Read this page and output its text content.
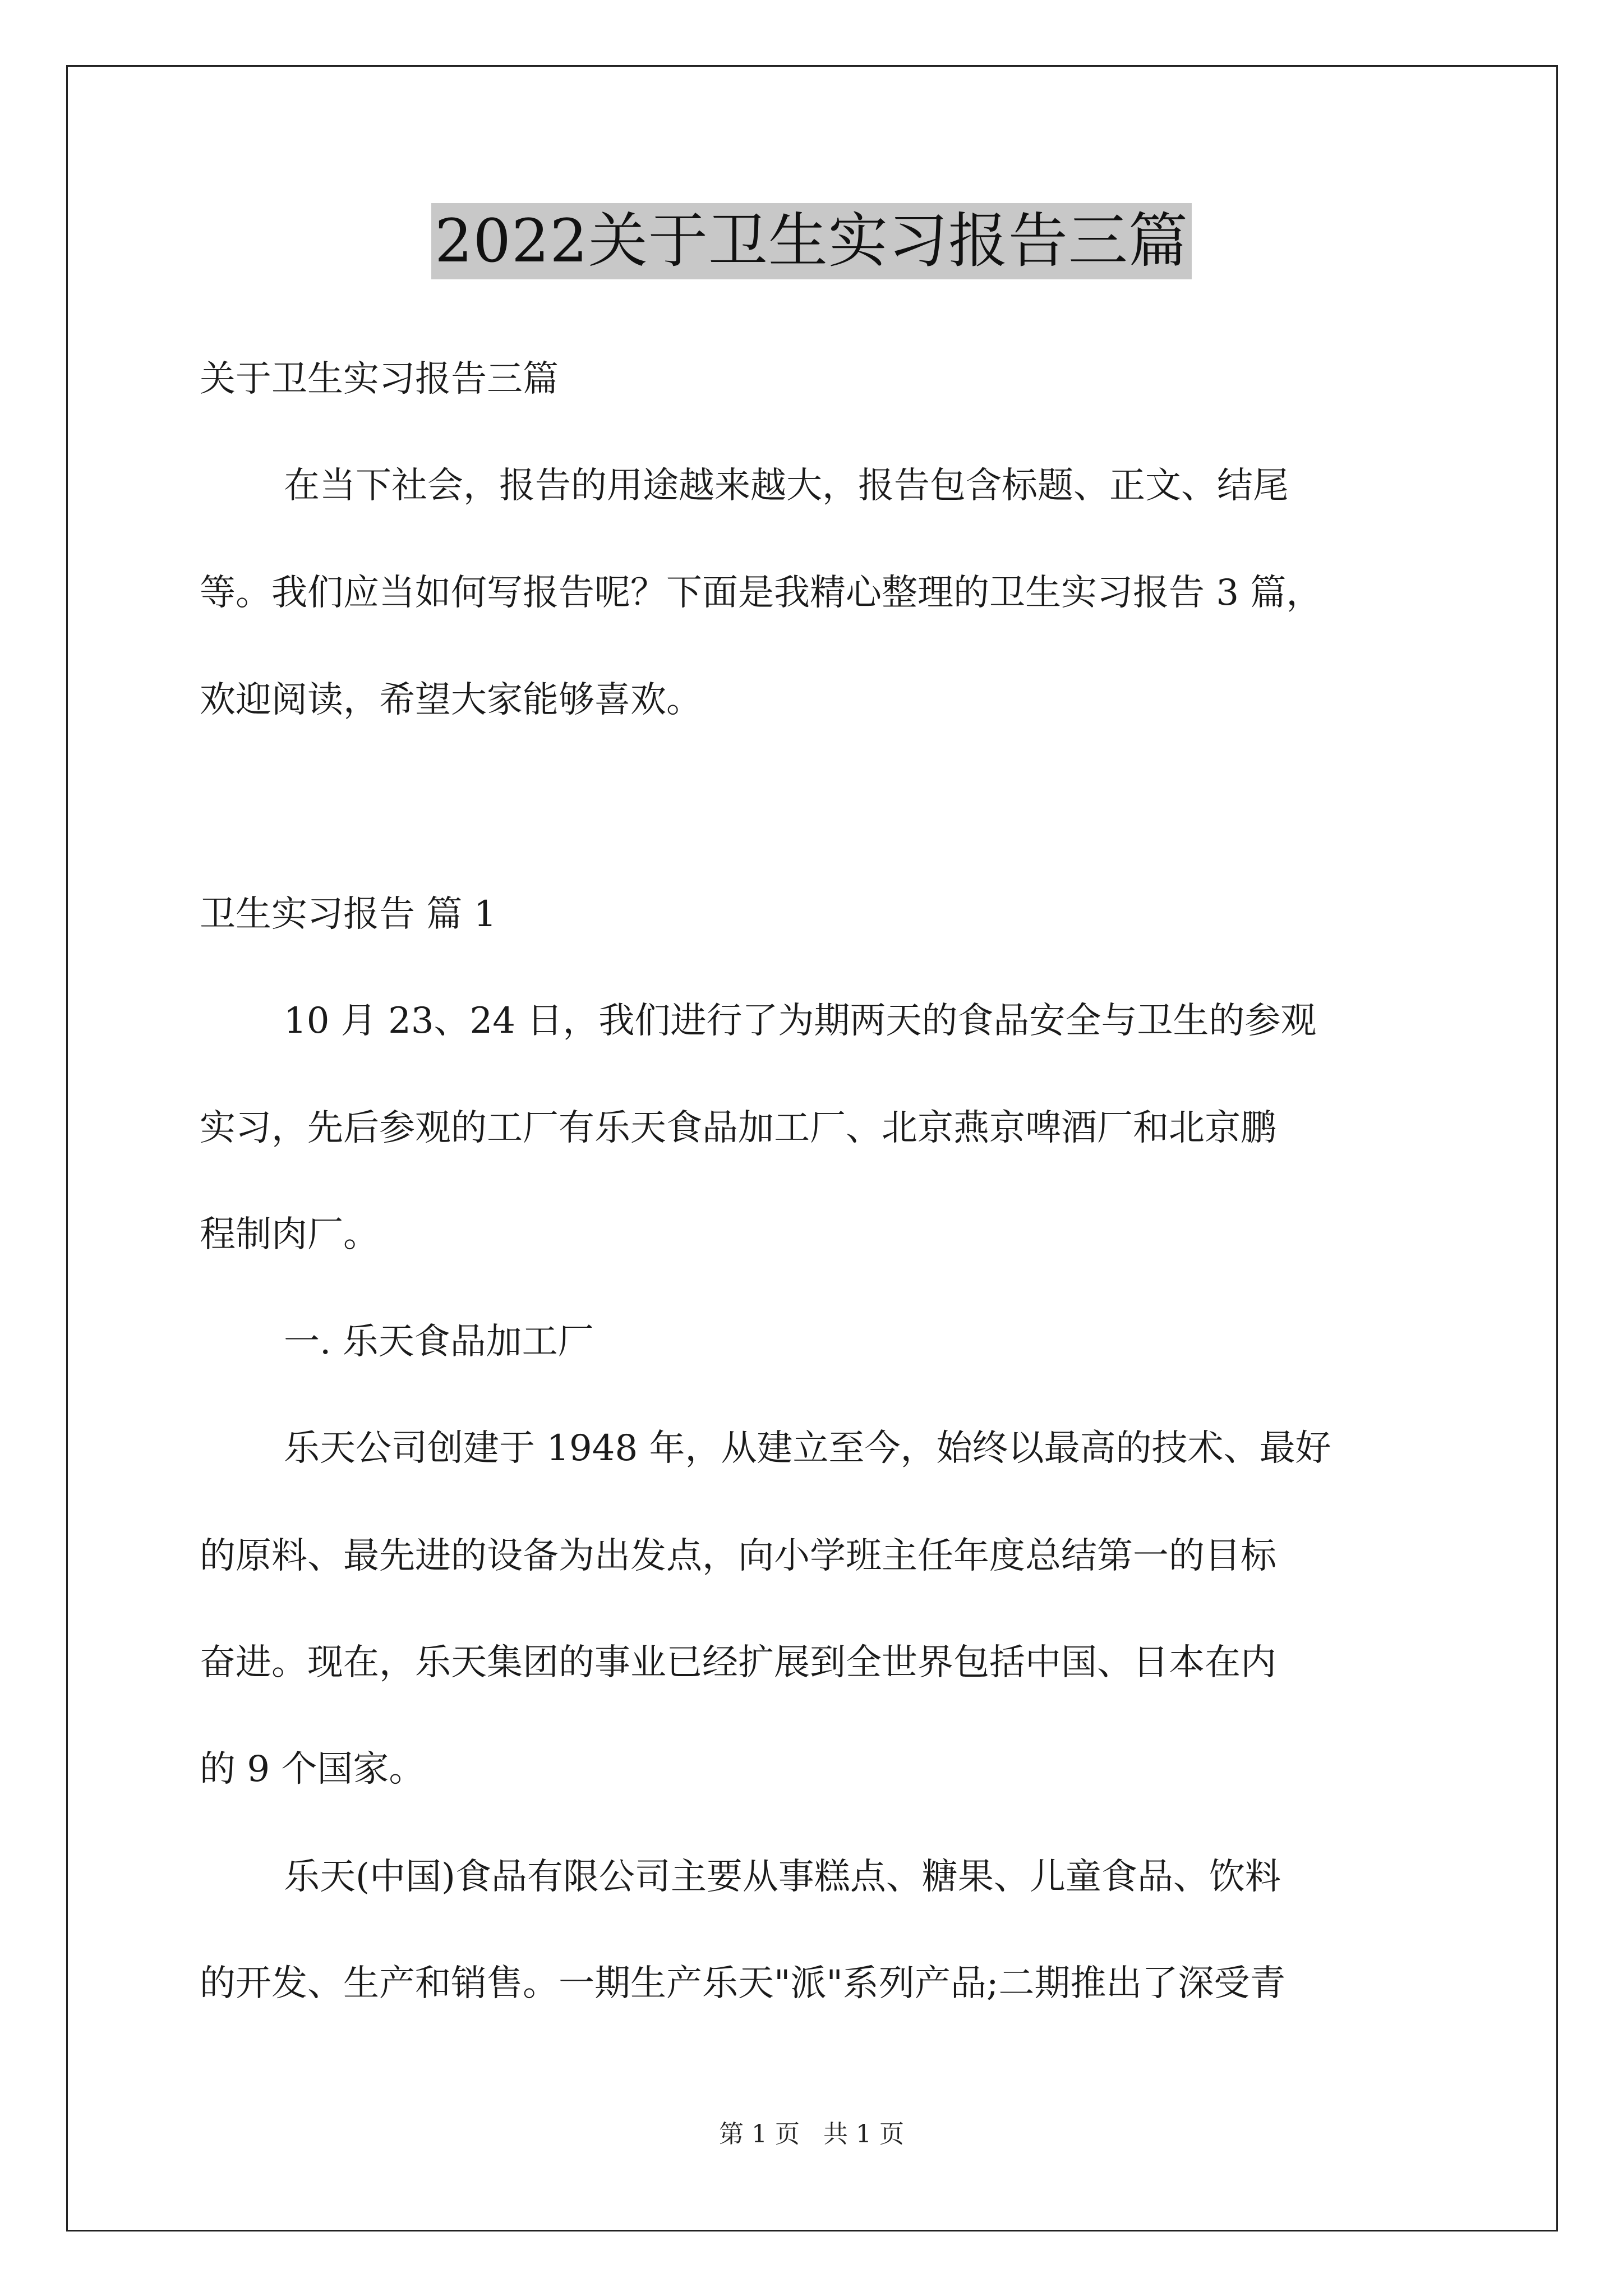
2022关于卫生实习报告三篇
关于卫生实习报告三篇
在当下社会，报告的用途越来越大，报告包含标题、正文、结尾
等。我们应当如何写报告呢？下面是我精心整理的卫生实习报告 3 篇，
欢迎阅读，希望大家能够喜欢。
卫生实习报告 篇 1
10 月 23、24 日，我们进行了为期两天的食品安全与卫生的参观
实习，先后参观的工厂有乐天食品加工厂、北京燕京啤酒厂和北京鹏
程制肉厂。
一. 乐天食品加工厂
乐天公司创建于 1948 年，从建立至今，始终以最高的技术、最好
的原料、最先进的设备为出发点，向小学班主任年度总结第一的目标
奋进。现在，乐天集团的事业已经扩展到全世界包括中国、日本在内
的 9 个国家。
乐天(中国)食品有限公司主要从事糕点、糖果、儿童食品、饮料
的开发、生产和销售。一期生产乐天"派"系列产品;二期推出了深受青
第 1 页   共 1 页
